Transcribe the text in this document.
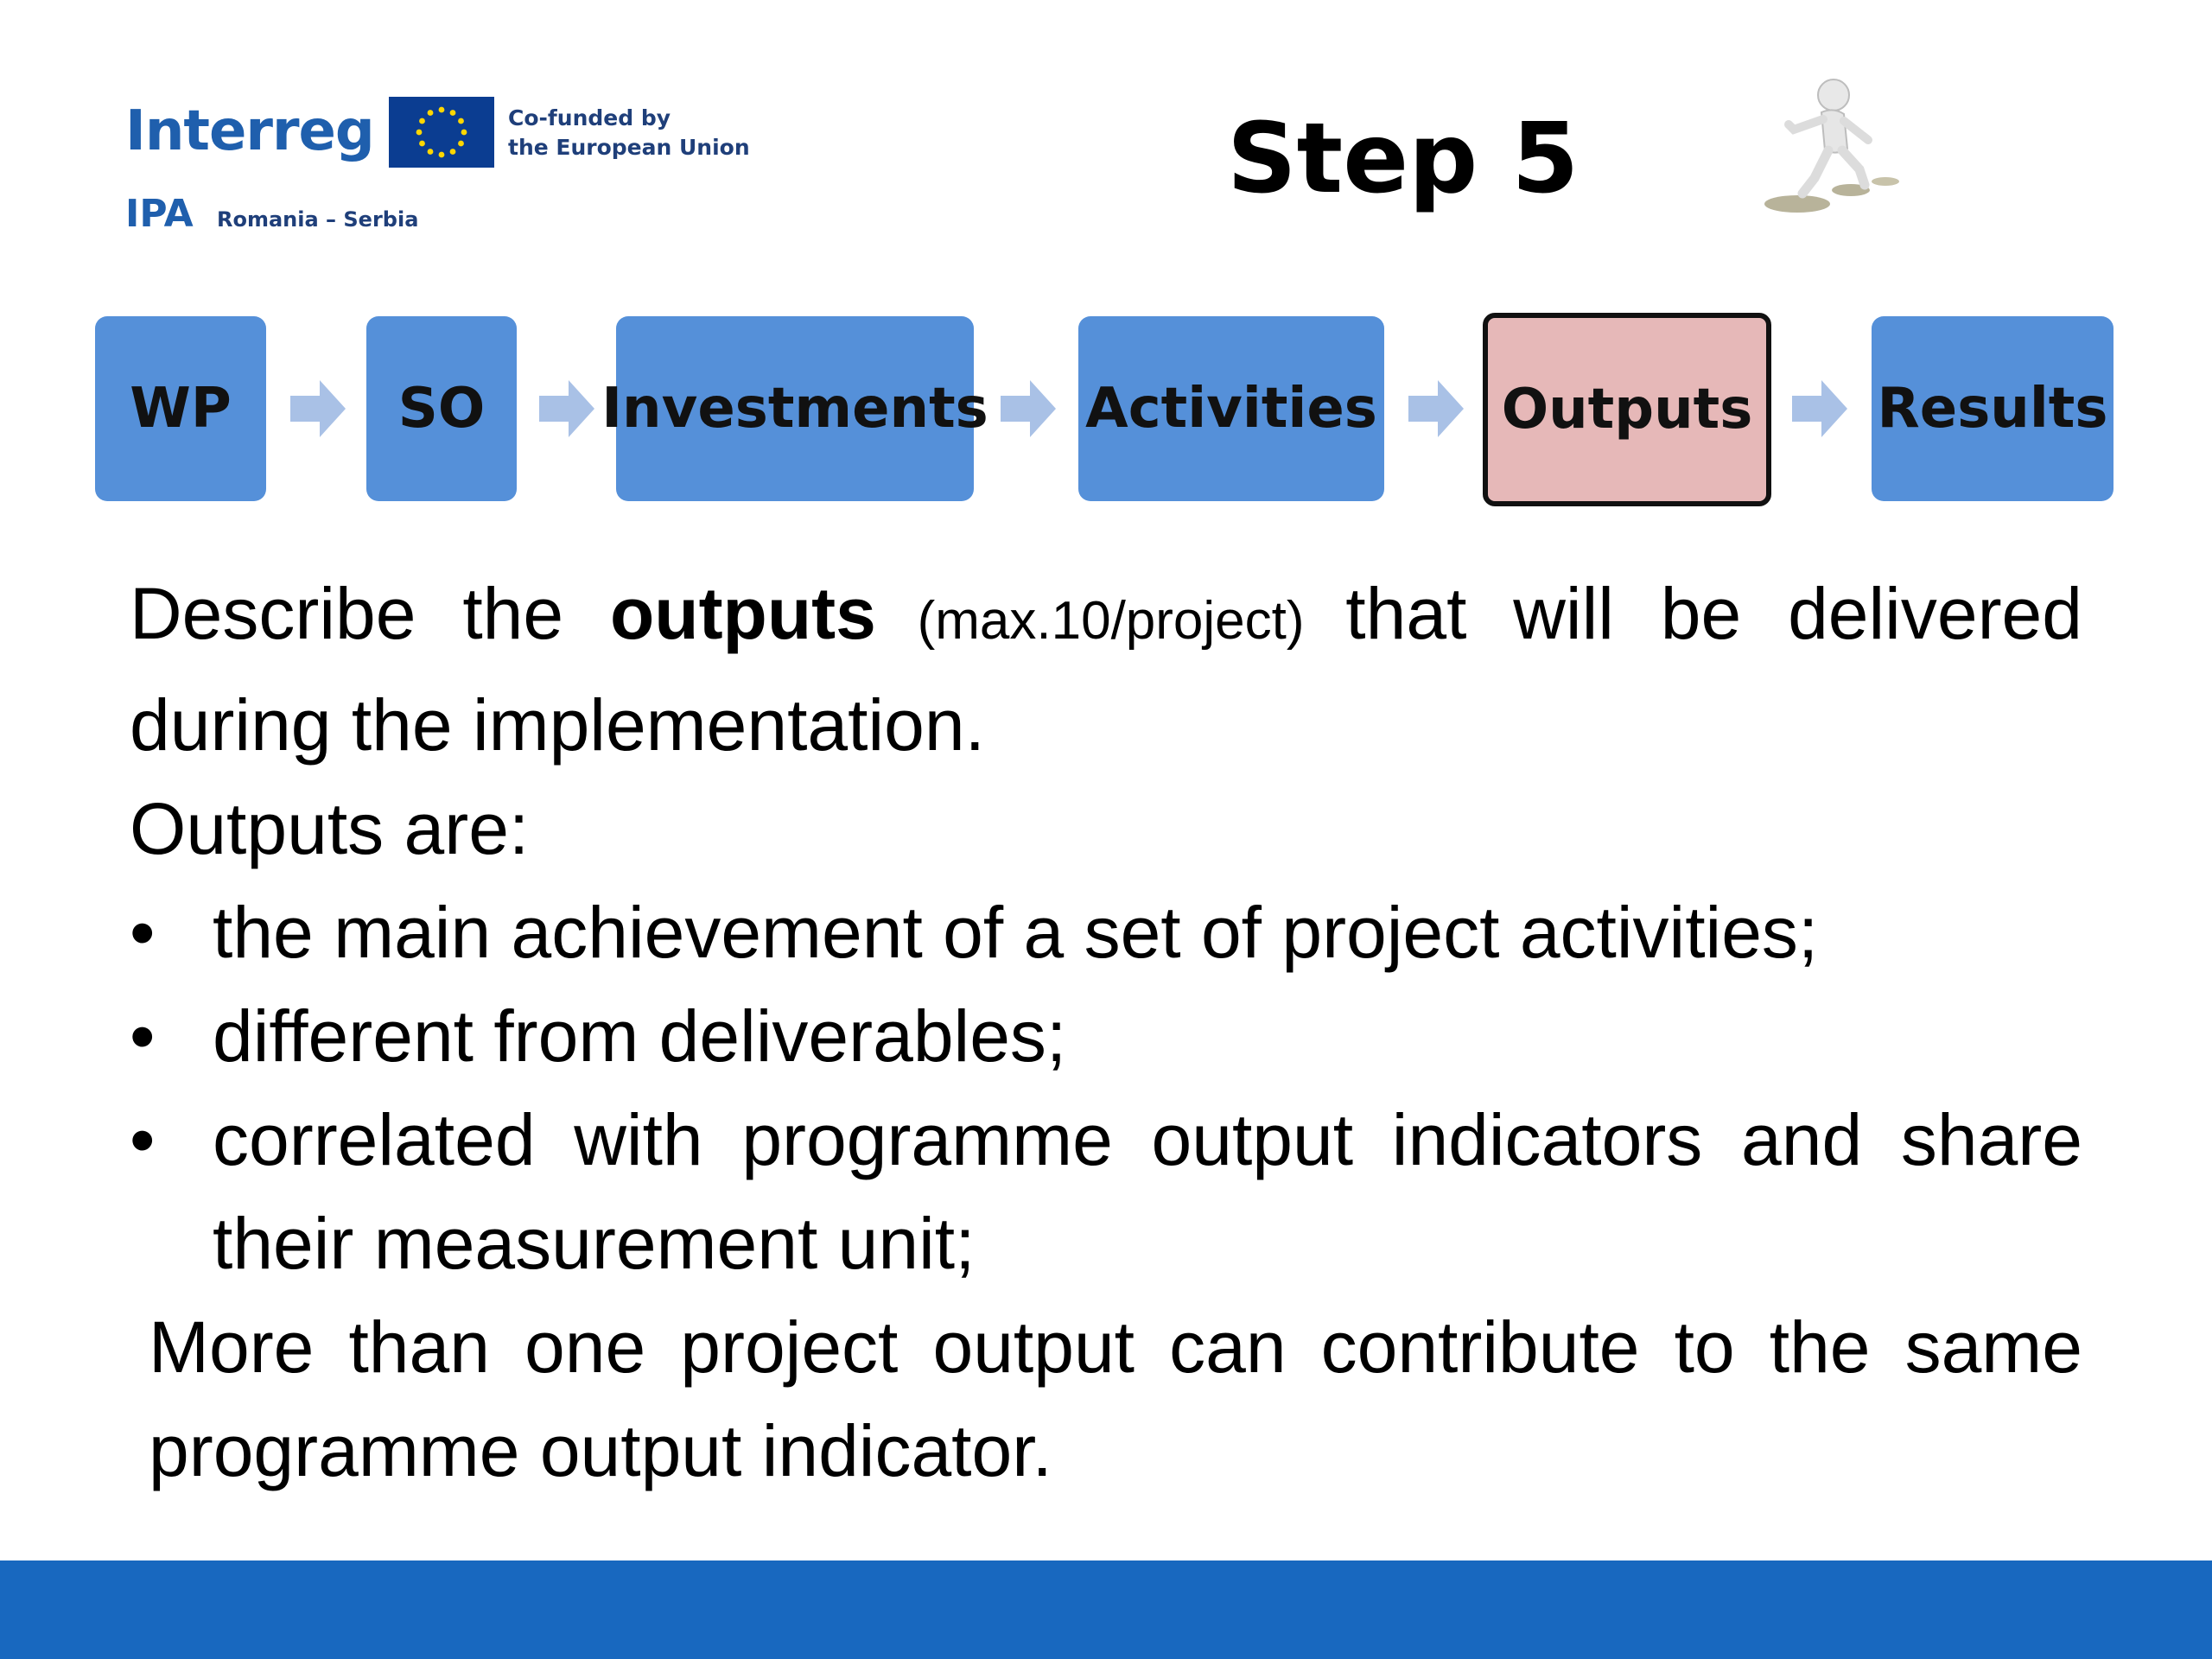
Interreg	Co-funded by
the European Union
IPA Romania – Serbia
Step 5
WP	SO Investments Activities Outputs Results

Describe the outputs (max.10/project) that will be delivered during the implementation.

Outputs are:

• the main achievement of a set of project activities;
• different from deliverables;
• correlated with programme output indicators and share their measurement unit;

More than one project output can contribute to the same programme output indicator.
